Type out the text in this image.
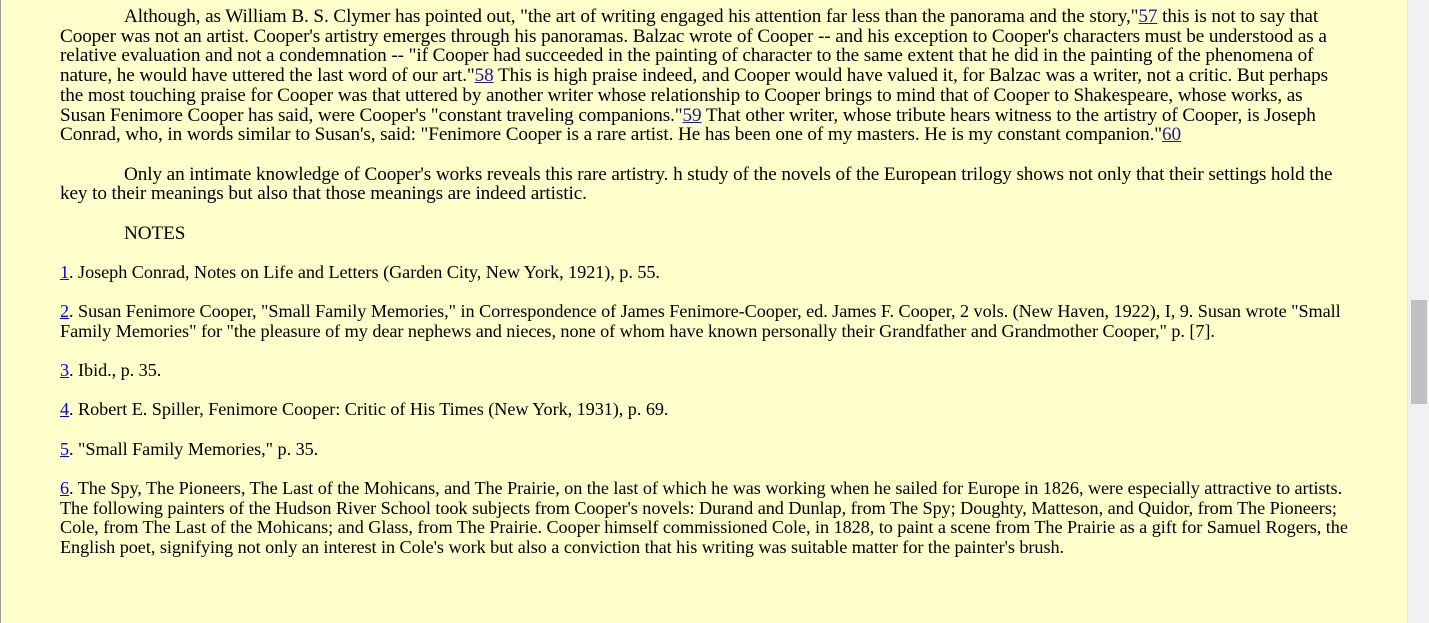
Although, as William B. S. Clymer has pointed out, "the art of writing engaged his attention far less than the panorama and the story,"57 this is not to say that Cooper was not an artist. Cooper's artistry emerges through his panoramas. Balzac wrote of Cooper -- and his exception to Cooper's characters must be understood as a relative evaluation and not a condemnation -- "if Cooper had succeeded in the painting of character to the same extent that he did in the painting of the phenomena of nature, he would have uttered the last word of our art."58 This is high praise indeed, and Cooper would have valued it, for Balzac was a writer, not a critic. But perhaps the most touching praise for Cooper was that uttered by another writer whose relationship to Cooper brings to mind that of Cooper to Shakespeare, whose works, as Susan Fenimore Cooper has said, were Cooper's "constant traveling companions."59 That other writer, whose tribute hears witness to the artistry of Cooper, is Joseph Conrad, who, in words similar to Susan's, said: "Fenimore Cooper is a rare artist. He has been one of my masters. He is my constant companion."60

Only an intimate knowledge of Cooper's works reveals this rare artistry. h study of the novels of the European trilogy shows not only that their settings hold the key to their meanings but also that those meanings are indeed artistic.

NOTES

1. Joseph Conrad, Notes on Life and Letters (Garden City, New York, 1921), p. 55.

2. Susan Fenimore Cooper, "Small Family Memories," in Correspondence of James Fenimore-Cooper, ed. James F. Cooper, 2 vols. (New Haven, 1922), I, 9. Susan wrote "Small Family Memories" for "the pleasure of my dear nephews and nieces, none of whom have known personally their Grandfather and Grandmother Cooper," p. [7].

3. Ibid., p. 35.

4. Robert E. Spiller, Fenimore Cooper: Critic of His Times (New York, 1931), p. 69.

5. "Small Family Memories," p. 35.

6. The Spy, The Pioneers, The Last of the Mohicans, and The Prairie, on the last of which he was working when he sailed for Europe in 1826, were especially attractive to artists. The following painters of the Hudson River School took subjects from Cooper's novels: Durand and Dunlap, from The Spy; Doughty, Matteson, and Quidor, from The Pioneers; Cole, from The Last of the Mohicans; and Glass, from The Prairie. Cooper himself commissioned Cole, in 1828, to paint a scene from The Prairie as a gift for Samuel Rogers, the English poet, signifying not only an interest in Cole's work but also a conviction that his writing was suitable matter for the painter's brush.
